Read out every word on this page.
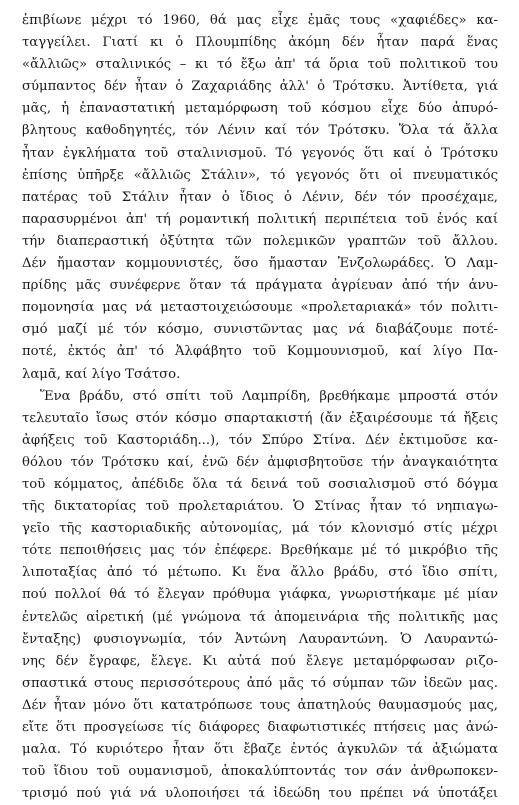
ἐπιβίωνε μέχρι τό 1960, θά μας εἶχε ἐμᾶς τους «χαφιέδες» κα-
ταγγείλει. Γιατί κι ὁ Πλουμπίδης ἀκόμη δέν ἦταν παρά ἕνας
«ἄλλιῶς» σταλινικός – κι τό ἔξω ἀπ' τά ὅρια τοῦ πολιτικοῦ του
σύμπαντος δέν ἦταν ὁ Ζαχαριάδης ἀλλ' ὁ Τρότσκυ. Ἀντίθετα, γιά
μᾶς, ἡ ἐπαναστατική μεταμόρφωση τοῦ κόσμου εἶχε δύο ἀπυρό-
βλητους καθοδηγητές, τόν Λένιν καί τόν Τρότσκυ. Ὅλα τά ἄλλα
ἦταν ἐγκλήματα τοῦ σταλινισμοῦ. Τό γεγονός ὅτι καί ὁ Τρότσκυ
ἐπίσης ὑπῆρξε «ἄλλιῶς Στάλιν», τό γεγονός ὅτι οἱ πνευματικός
πατέρας τοῦ Στάλιν ἦταν ὁ ἴδιος ὁ Λένιν, δέν τόν προσέχαμε,
παρασυρμένοι ἀπ' τή ρομαντική πολιτική περιπέτεια τοῦ ἑνός καί
τήν διαπεραστική ὀξύτητα τῶν πολεμικῶν γραπτῶν τοῦ ἄλλου.
Δέν ἤμασταν κομμουνιστές, ὅσο ἤμασταν Ἐνζολωράδες. Ὁ Λαμ-
πρίδης μᾶς συνέφερνε ὅταν τά πράγματα ἀγρίευαν ἀπό τήν ἀνυ-
πομονησία μας νά μεταστοιχειώσουμε «προλεταριακά» τόν πολιτι-
σμό μαζί μέ τόν κόσμο, συνιστῶντας μας νά διαβάζουμε ποτέ-
ποτέ, ἐκτός ἀπ' τό Ἀλφάβητο τοῦ Κομμουνισμοῦ, καί λίγο Πα-
λαμᾶ, καί λίγο Τσάτσο.
Ἕνα βράδυ, στό σπίτι τοῦ Λαμπρίδη, βρεθήκαμε μπροστά στόν
τελευταῖο ἴσως στόν κόσμο σπαρτακιστή (ἄν ἐξαιρέσουμε τά ἤξεις
ἀφήξεις τοῦ Καστοριάδη...), τόν Σπύρο Στίνα. Δέν ἐκτιμοῦσε κα-
θόλου τόν Τρότσκυ καί, ἐνῶ δέν ἀμφισβητοῦσε τήν ἀναγκαιότητα
τοῦ κόμματος, ἀπέδιδε ὅλα τά δεινά τοῦ σοσιαλισμοῦ στό δόγμα
τῆς δικτατορίας τοῦ προλεταριάτου. Ὁ Στίνας ἦταν τό νηπιαγω-
γεῖο τῆς καστοριαδικῆς αὐτονομίας, μά τόν κλονισμό στίς μέχρι
τότε πεποιθήσεις μας τόν ἐπέφερε. Βρεθήκαμε μέ τό μικρόβιο τῆς
λιποταξίας ἀπό τό μέτωπο. Κι ἕνα ἄλλο βράδυ, στό ἴδιο σπίτι,
πού πολλοί θά τό ἔλεγαν πρόθυμα γιάφκα, γνωριστήκαμε μέ μίαν
ἐντελῶς αἱρετική (μέ γνώμονα τά ἀπομεινάρια τῆς πολιτικῆς μας
ἔνταξης) φυσιογνωμία, τόν Ἀντώνη Λαυραντώνη. Ὁ Λαυραντώ-
νης δέν ἔγραφε, ἔλεγε. Κι αὐτά πού ἔλεγε μεταμόρφωσαν ριζο-
σπαστικά στους περισσότερους ἀπό μᾶς τό σύμπαν τῶν ἰδεῶν μας.
Δέν ἦταν μόνο ὅτι κατατρόπωσε τους ἀπατηλούς θαυμασμούς μας,
εἴτε ὅτι προσγείωσε τίς διάφορες διαφωτιστικές πτήσεις μας ἀνώ-
μαλα. Τό κυριότερο ἦταν ὅτι ἔβαζε ἐντός ἀγκυλῶν τά ἀξιώματα
τοῦ ἴδιου τοῦ ουμανισμοῦ, ἀποκαλύπτοντάς τον σάν ἀνθρωποκεν-
τρισμό πού γιά νά υλοποιήσει τά ἰδεώδη του πρέπει νά ὑποτάξει
